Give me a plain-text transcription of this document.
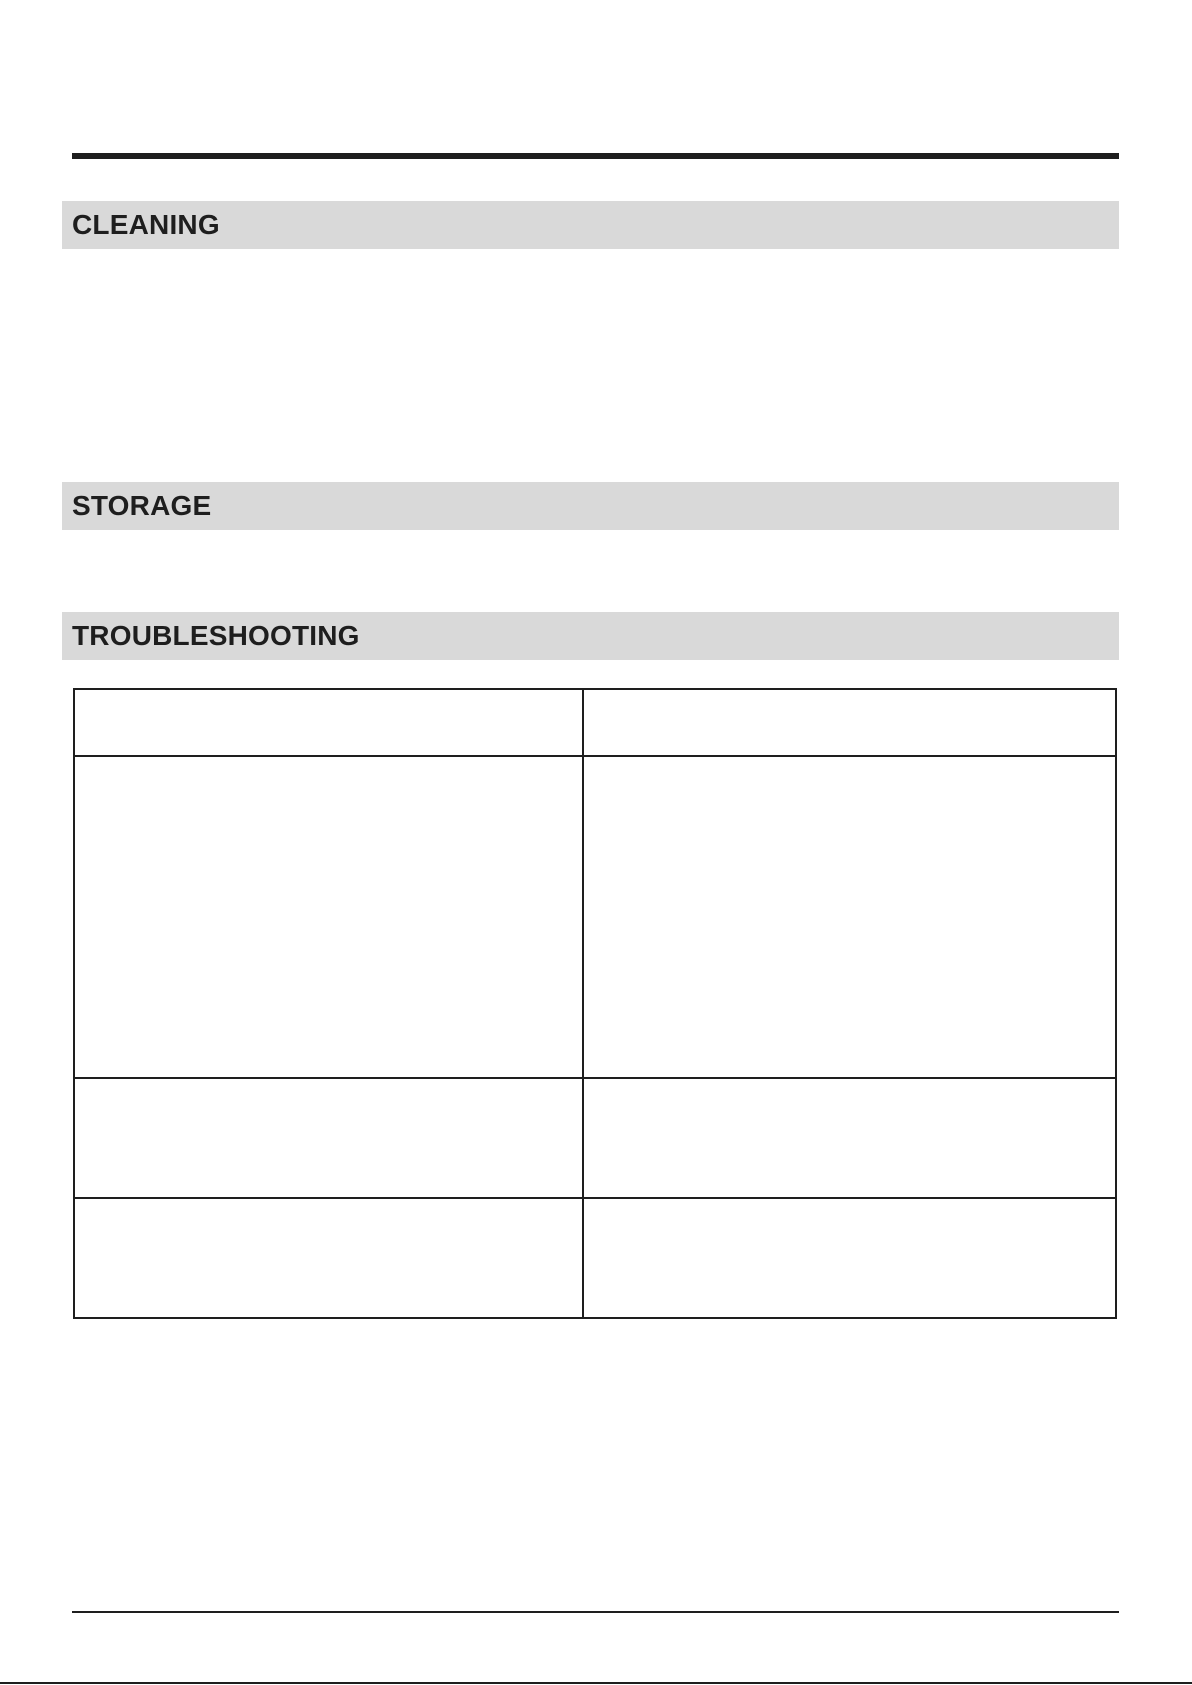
CLEANING
STORAGE
TROUBLESHOOTING
